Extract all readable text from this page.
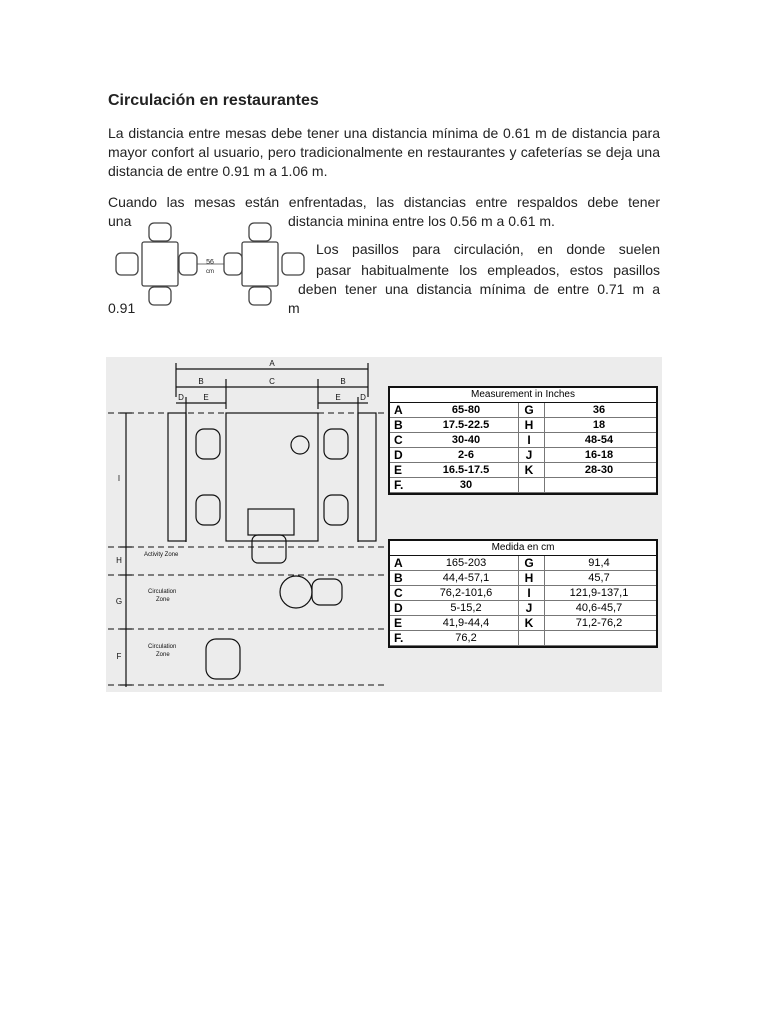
Circulación en restaurantes

La distancia entre mesas debe tener una distancia mínima de 0.61 m de distancia para mayor confort al usuario, pero tradicionalmente en restaurantes y cafeterías se deja una distancia de entre 0.91 m a 1.06 m.

Cuando las mesas están enfrentadas, las distancias entre respaldos debe tener
una	distancia minina entre los 0.56 m a 0.61 m.
56
cm
Los pasillos para circulación, en donde suelen
pasar habitualmente los empleados, estos pasillos
deben tener una distancia mínima de entre 0.71 m a
0.91	m
A
B	C	B
D E	E D
I
H
G
F
Activity Zone
Circulation
Zone
Circulation
Zone
Measurement in Inches
A	65-80	G	36
B	17.5-22.5	H	18
C	30-40	I	48-54
D	2-6	J	16-18
E	16.5-17.5	K	28-30
F.	30
Medida en cm
A	165-203	G	91,4
B	44,4-57,1	H	45,7
C	76,2-101,6	I	121,9-137,1
D	5-15,2	J	40,6-45,7
E	41,9-44,4	K	71,2-76,2
F.	76,2
